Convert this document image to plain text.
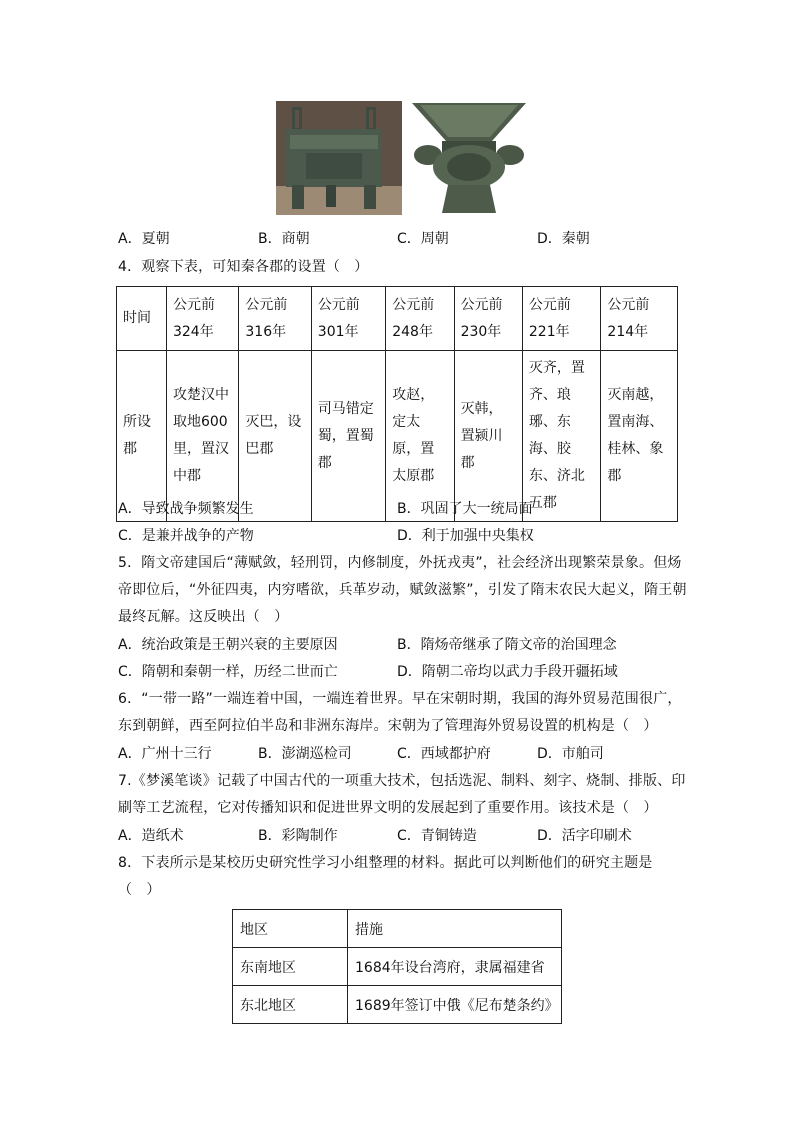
A．夏朝	B．商朝	C．周朝	D．秦朝
4．观察下表，可知秦各郡的设置（　）
时间	公元前324年	公元前316年	公元前301年	公元前248年	公元前230年	公元前221年	公元前214年
所设郡	攻楚汉中取地600里，置汉中郡	灭巴，设巴郡	司马错定蜀，置蜀郡	攻赵，定太原，置太原郡	灭韩，置颍川郡	灭齐，置齐、琅琊、东海、胶东、济北五郡	灭南越，置南海、桂林、象郡
A．导致战争频繁发生	B．巩固了大一统局面
C．是兼并战争的产物	D．利于加强中央集权
5．隋文帝建国后“薄赋敛，轻刑罚，内修制度，外抚戎夷”，社会经济出现繁荣景象。但炀
帝即位后，“外征四夷，内穷嗜欲，兵革岁动，赋敛滋繁”，引发了隋末农民大起义，隋王朝
最终瓦解。这反映出（　）
A．统治政策是王朝兴衰的主要原因	B．隋炀帝继承了隋文帝的治国理念
C．隋朝和秦朝一样，历经二世而亡	D．隋朝二帝均以武力手段开疆拓域
6．“一带一路”一端连着中国，一端连着世界。早在宋朝时期，我国的海外贸易范围很广，
东到朝鲜，西至阿拉伯半岛和非洲东海岸。宋朝为了管理海外贸易设置的机构是（　）
A．广州十三行	B．澎湖巡检司	C．西域都护府	D．市舶司
7.《梦溪笔谈》记载了中国古代的一项重大技术，包括选泥、制料、刻字、烧制、排版、印
刷等工艺流程，它对传播知识和促进世界文明的发展起到了重要作用。该技术是（　）
A．造纸术	B．彩陶制作	C．青铜铸造	D．活字印刷术
8．下表所示是某校历史研究性学习小组整理的材料。据此可以判断他们的研究主题是
（　）
地区	措施
东南地区	1684年设台湾府，隶属福建省
东北地区	1689年签订中俄《尼布楚条约》
